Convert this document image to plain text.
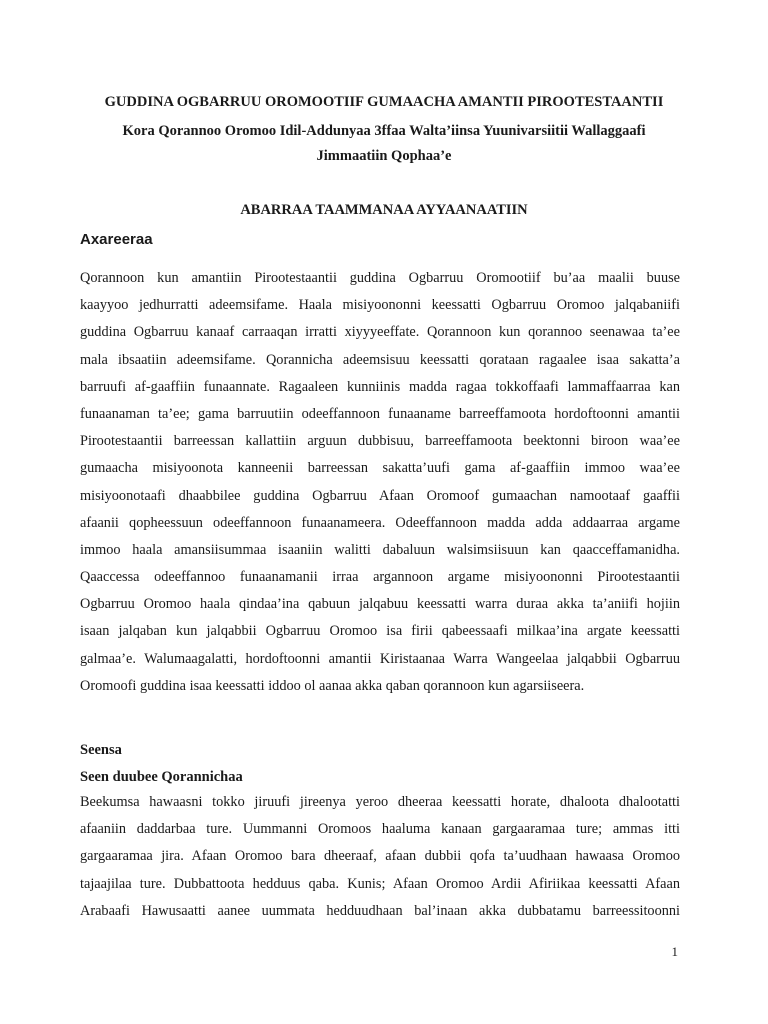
GUDDINA OGBARRUU OROMOOTIIF GUMAACHA AMANTII PIROOTESTAANTII
Kora Qorannoo Oromoo Idil-Addunyaa 3ffaa Walta’iinsa Yuunivarsiitii Wallaggaafi
Jimmaatiin Qophaa’e
ABARRAA TAAMMANAA AYYAANAATIIN
Axareeraa
Qorannoon kun amantiin Pirootestaantii guddina Ogbarruu Oromootiif bu’aa maalii buuse
kaayyoo jedhurratti adeemsifame. Haala misiyoononni keessatti Ogbarruu Oromoo jalqabaniifi
guddina Ogbarruu kanaaf carraaqan irratti xiyyyeeffate. Qorannoon kun qorannoo seenawaa ta’ee
mala ibsaatiin adeemsifame. Qorannicha adeemsisuu keessatti qorataan ragaalee isaa sakatta’a
barruufi af-gaaffiin funaannate. Ragaaleen kunniinis madda ragaa tokkoffaafi lammaffaarraa kan
funaanaman ta’ee; gama barruutiin odeeffannoon funaaname barreeffamoota hordoftoonni amantii
Pirootestaantii barreessan kallattiin arguun dubbisuu, barreeffamoota beektonni biroon waa’ee
gumaacha misiyoonota kanneenii barreessan sakatta’uufi gama af-gaaffiin immoo waa’ee
misiyoonotaafi dhaabbilee guddina Ogbarruu Afaan Oromoof gumaachan namootaaf gaaffii
afaanii qopheessuun odeeffannoon funaanameera. Odeeffannoon madda adda addaarraa argame
immoo haala amansiisummaa isaaniin walitti dabaluun walsimsiisuun kan qaacceffamanidha.
Qaaccessa odeeffannoo funaanamanii irraa argannoon argame misiyoononni Pirootestaantii
Ogbarruu Oromoo haala qindaa’ina qabuun jalqabuu keessatti warra duraa akka ta’aniifi hojiin
isaan jalqaban kun jalqabbii Ogbarruu Oromoo isa firii qabeessaafi milkaa’ina argate keessatti
galmaa’e. Walumaagalatti, hordoftoonni amantii Kiristaanaa Warra Wangeelaa jalqabbii Ogbarruu
Oromoofi guddina isaa keessatti iddoo ol aanaa akka qaban qorannoon kun agarsiiseera.
Seensa
Seen duubee Qorannichaa
Beekumsa hawaasni tokko jiruufi jireenya yeroo dheeraa keessatti horate, dhaloota dhalootatti
afaaniin daddarbaa ture. Uummanni Oromoos haaluma kanaan gargaaramaa ture; ammas itti
gargaaramaa jira. Afaan Oromoo bara dheeraaf, afaan dubbii qofa ta’uudhaan hawaasa Oromoo
tajaajilaa ture. Dubbattoota hedduus qaba. Kunis; Afaan Oromoo Ardii Afiriikaa keessatti Afaan
Arabaafi Hawusaatti aanee uummata hedduudhaan bal’inaan akka dubbatamu barreessitoonni
1
